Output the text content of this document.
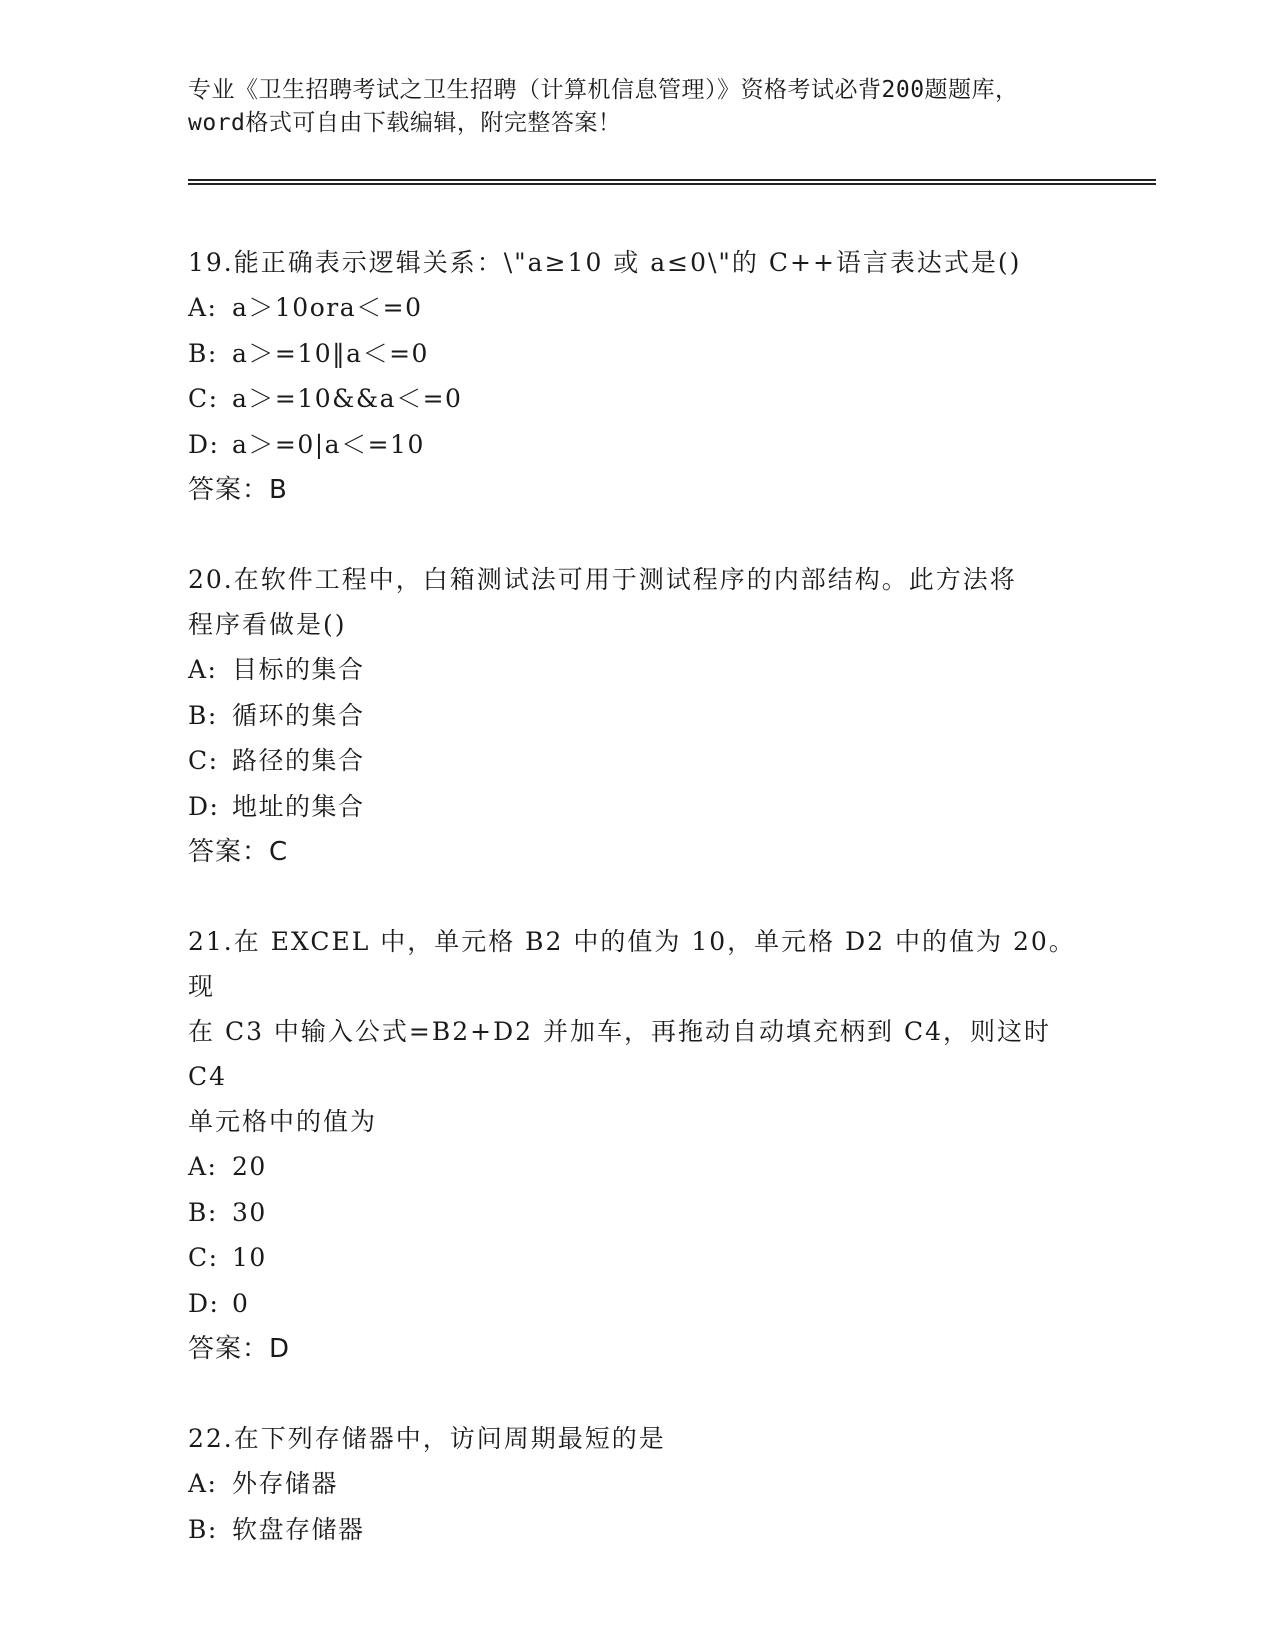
专业《卫生招聘考试之卫生招聘（计算机信息管理）》资格考试必背200题题库，
word格式可自由下载编辑，附完整答案！

19.能正确表示逻辑关系：\"a≥10 或 a≤0\"的 C++语言表达式是()

A: a＞10ora＜=0

B: a＞=10‖a＜=0

C: a＞=10&&a＜=0

D: a＞=0|a＜=10

答案：B

20.在软件工程中，白箱测试法可用于测试程序的内部结构。此方法将

程序看做是()

A: 目标的集合

B: 循环的集合

C: 路径的集合

D: 地址的集合

答案：C

21.在 EXCEL 中，单元格 B2 中的值为 10，单元格 D2 中的值为 20。现

在 C3 中输入公式=B2+D2 并加车，再拖动自动填充柄到 C4，则这时 C4

单元格中的值为

A: 20

B: 30

C: 10

D: 0

答案：D

22.在下列存储器中，访问周期最短的是

A: 外存储器

B: 软盘存储器
